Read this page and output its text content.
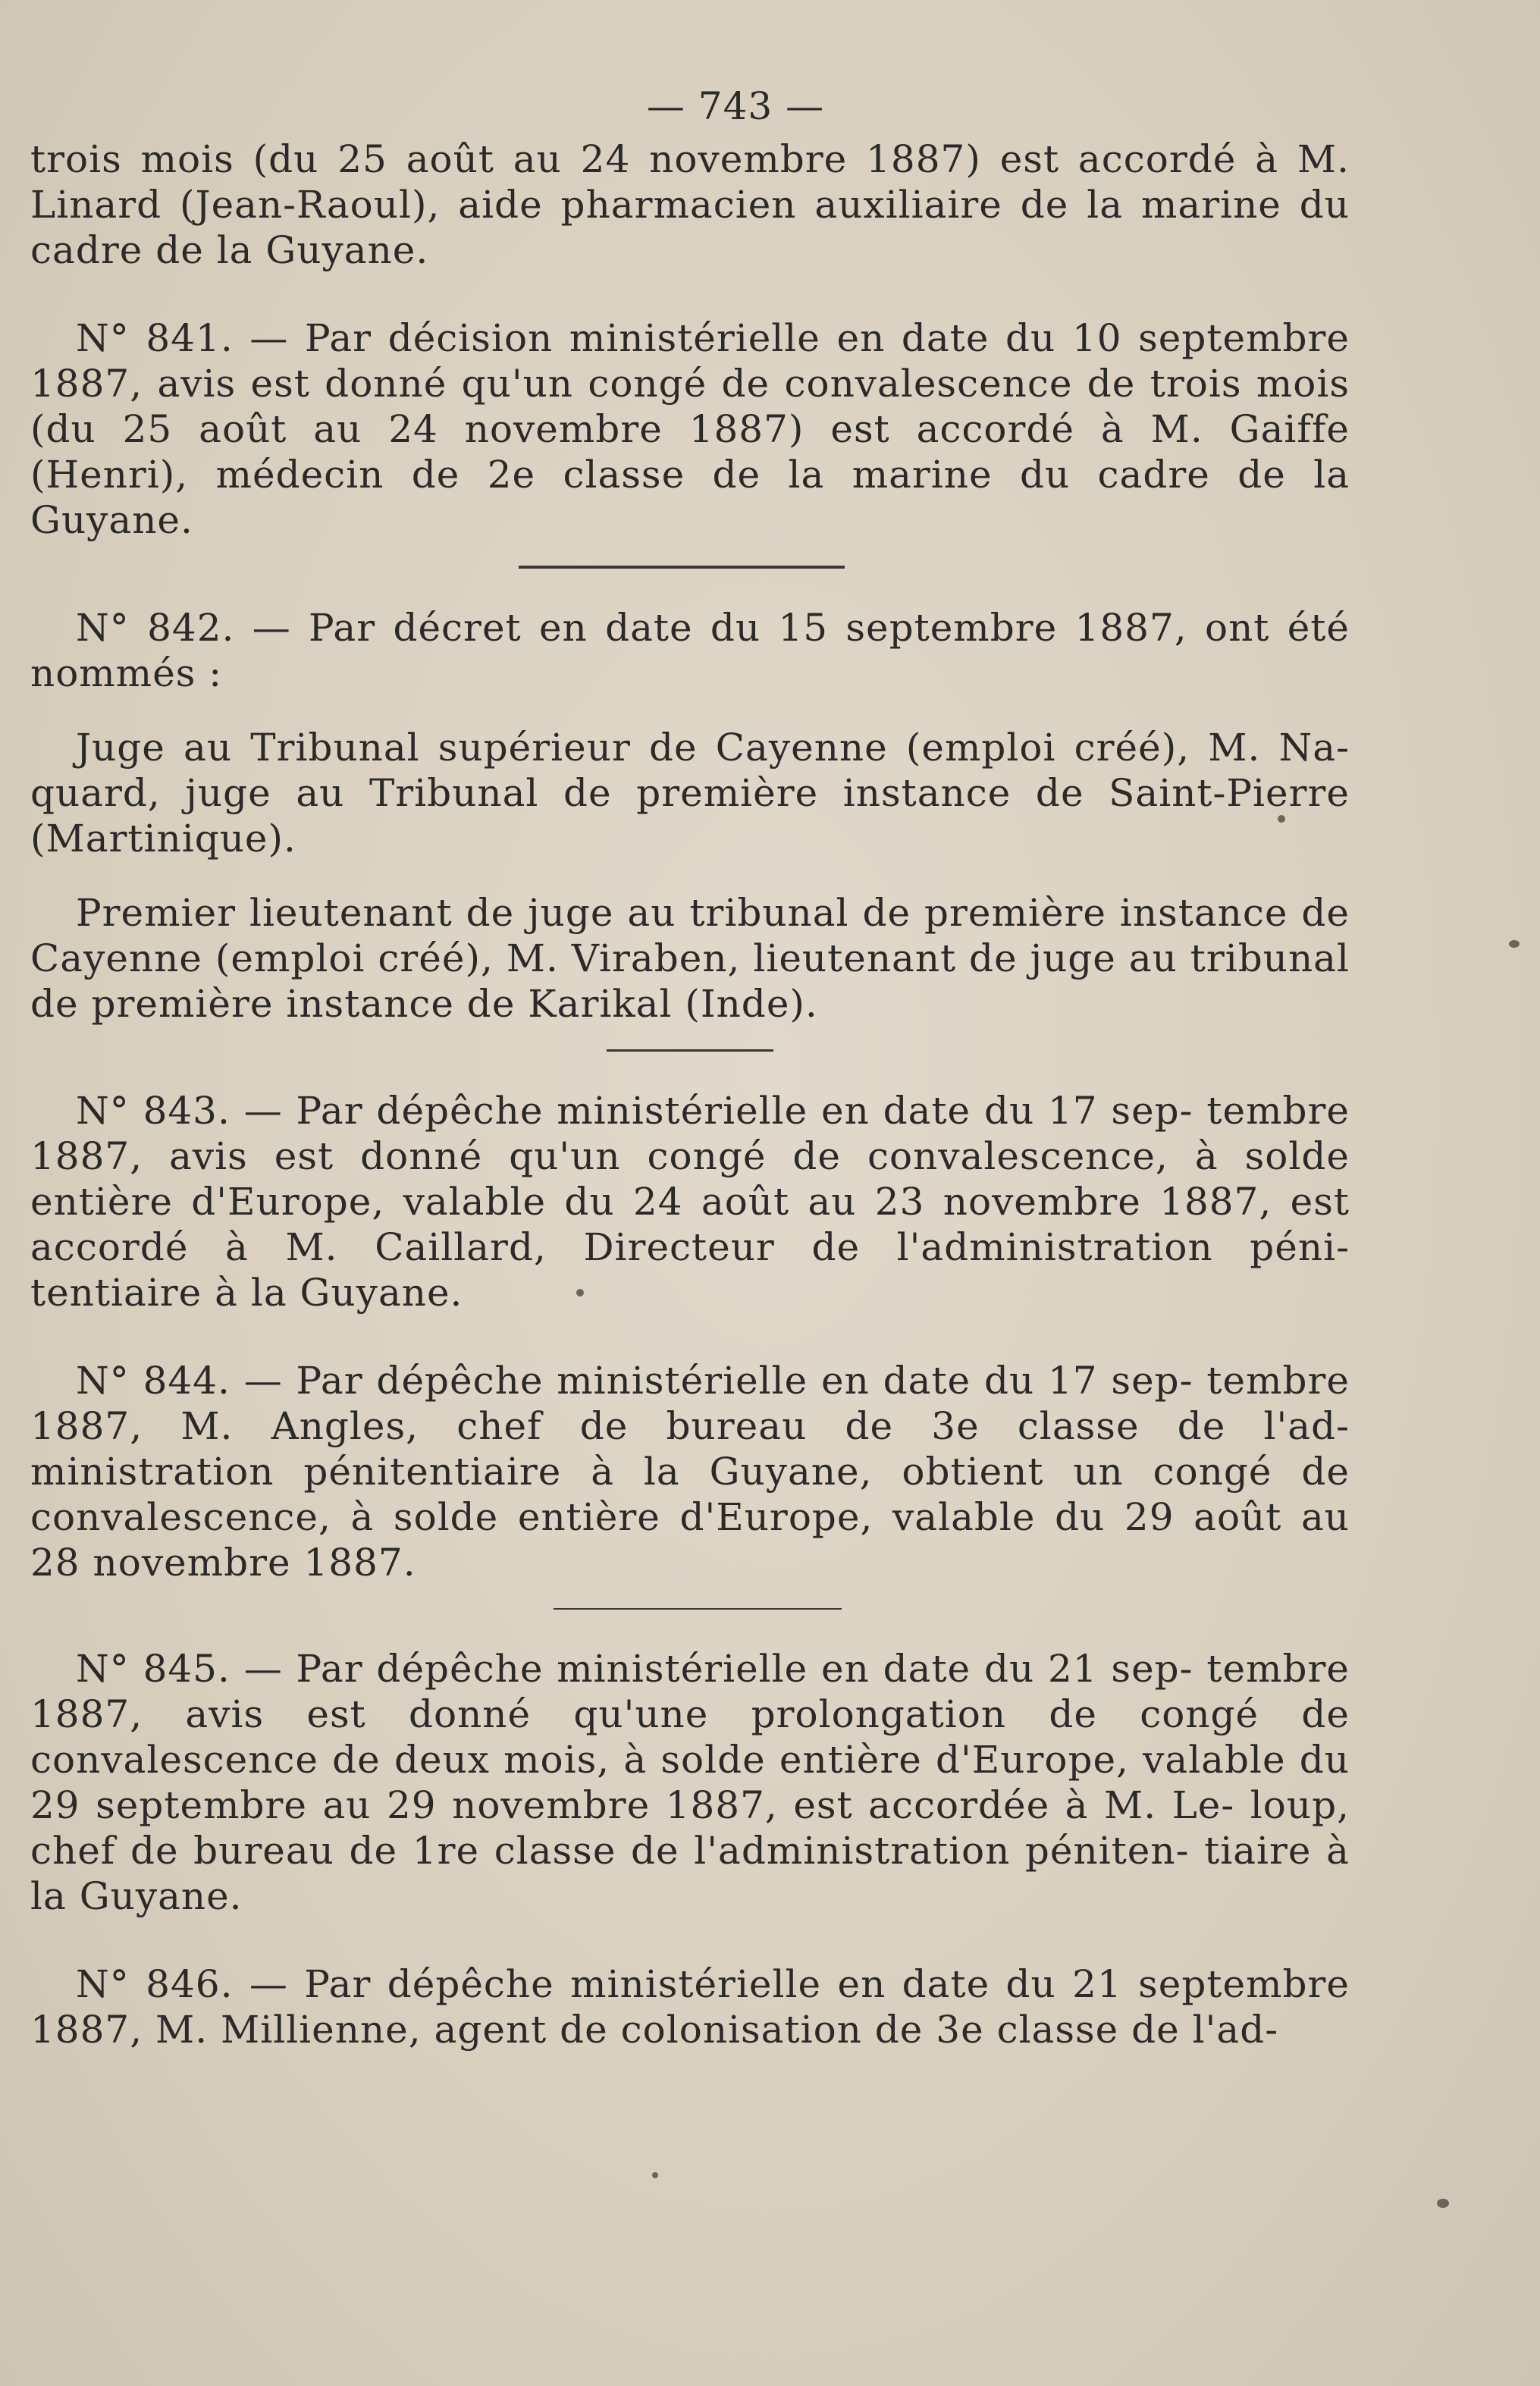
— 743 —
trois mois (du 25 août au 24 novembre 1887) est accordé à M. Linard (Jean-Raoul), aide pharmacien auxiliaire de la marine du cadre de la Guyane.
N° 841. — Par décision ministérielle en date du 10 septembre 1887, avis est donné qu'un congé de convalescence de trois mois (du 25 août au 24 novembre 1887) est accordé à M. Gaiffe (Henri), médecin de 2e classe de la marine du cadre de la Guyane.
N° 842. — Par décret en date du 15 septembre 1887, ont été nommés :
Juge au Tribunal supérieur de Cayenne (emploi créé), M. Na- quard, juge au Tribunal de première instance de Saint-Pierre (Martinique).
Premier lieutenant de juge au tribunal de première instance de Cayenne (emploi créé), M. Viraben, lieutenant de juge au tribunal de première instance de Karikal (Inde).
N° 843. — Par dépêche ministérielle en date du 17 sep- tembre 1887, avis est donné qu'un congé de convalescence, à solde entière d'Europe, valable du 24 août au 23 novembre 1887, est accordé à M. Caillard, Directeur de l'administration péni- tentiaire à la Guyane.
N° 844. — Par dépêche ministérielle en date du 17 sep- tembre 1887, M. Angles, chef de bureau de 3e classe de l'ad- ministration pénitentiaire à la Guyane, obtient un congé de convalescence, à solde entière d'Europe, valable du 29 août au 28 novembre 1887.
N° 845. — Par dépêche ministérielle en date du 21 sep- tembre 1887, avis est donné qu'une prolongation de congé de convalescence de deux mois, à solde entière d'Europe, valable du 29 septembre au 29 novembre 1887, est accordée à M. Le- loup, chef de bureau de 1re classe de l'administration péniten- tiaire à la Guyane.
N° 846. — Par dépêche ministérielle en date du 21 septembre 1887, M. Millienne, agent de colonisation de 3e classe de l'ad-
